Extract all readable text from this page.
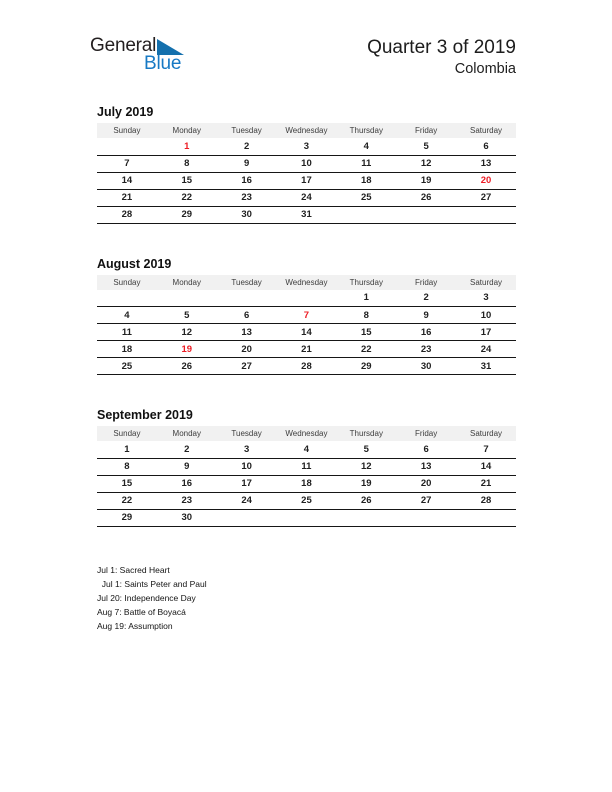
General
Blue
Quarter 3 of 2019
Colombia
July 2019
Sunday	Monday	Tuesday	Wednesday	Thursday	Friday	Saturday
	1	2	3	4	5	6
7	8	9	10	11	12	13
14	15	16	17	18	19	20
21	22	23	24	25	26	27
28	29	30	31			
August 2019
Sunday	Monday	Tuesday	Wednesday	Thursday	Friday	Saturday
				1	2	3
4	5	6	7	8	9	10
11	12	13	14	15	16	17
18	19	20	21	22	23	24
25	26	27	28	29	30	31
September 2019
Sunday	Monday	Tuesday	Wednesday	Thursday	Friday	Saturday
1	2	3	4	5	6	7
8	9	10	11	12	13	14
15	16	17	18	19	20	21
22	23	24	25	26	27	28
29	30					
Jul 1: Sacred Heart
Jul 1: Saints Peter and Paul
Jul 20: Independence Day
Aug 7: Battle of Boyacá
Aug 19: Assumption
